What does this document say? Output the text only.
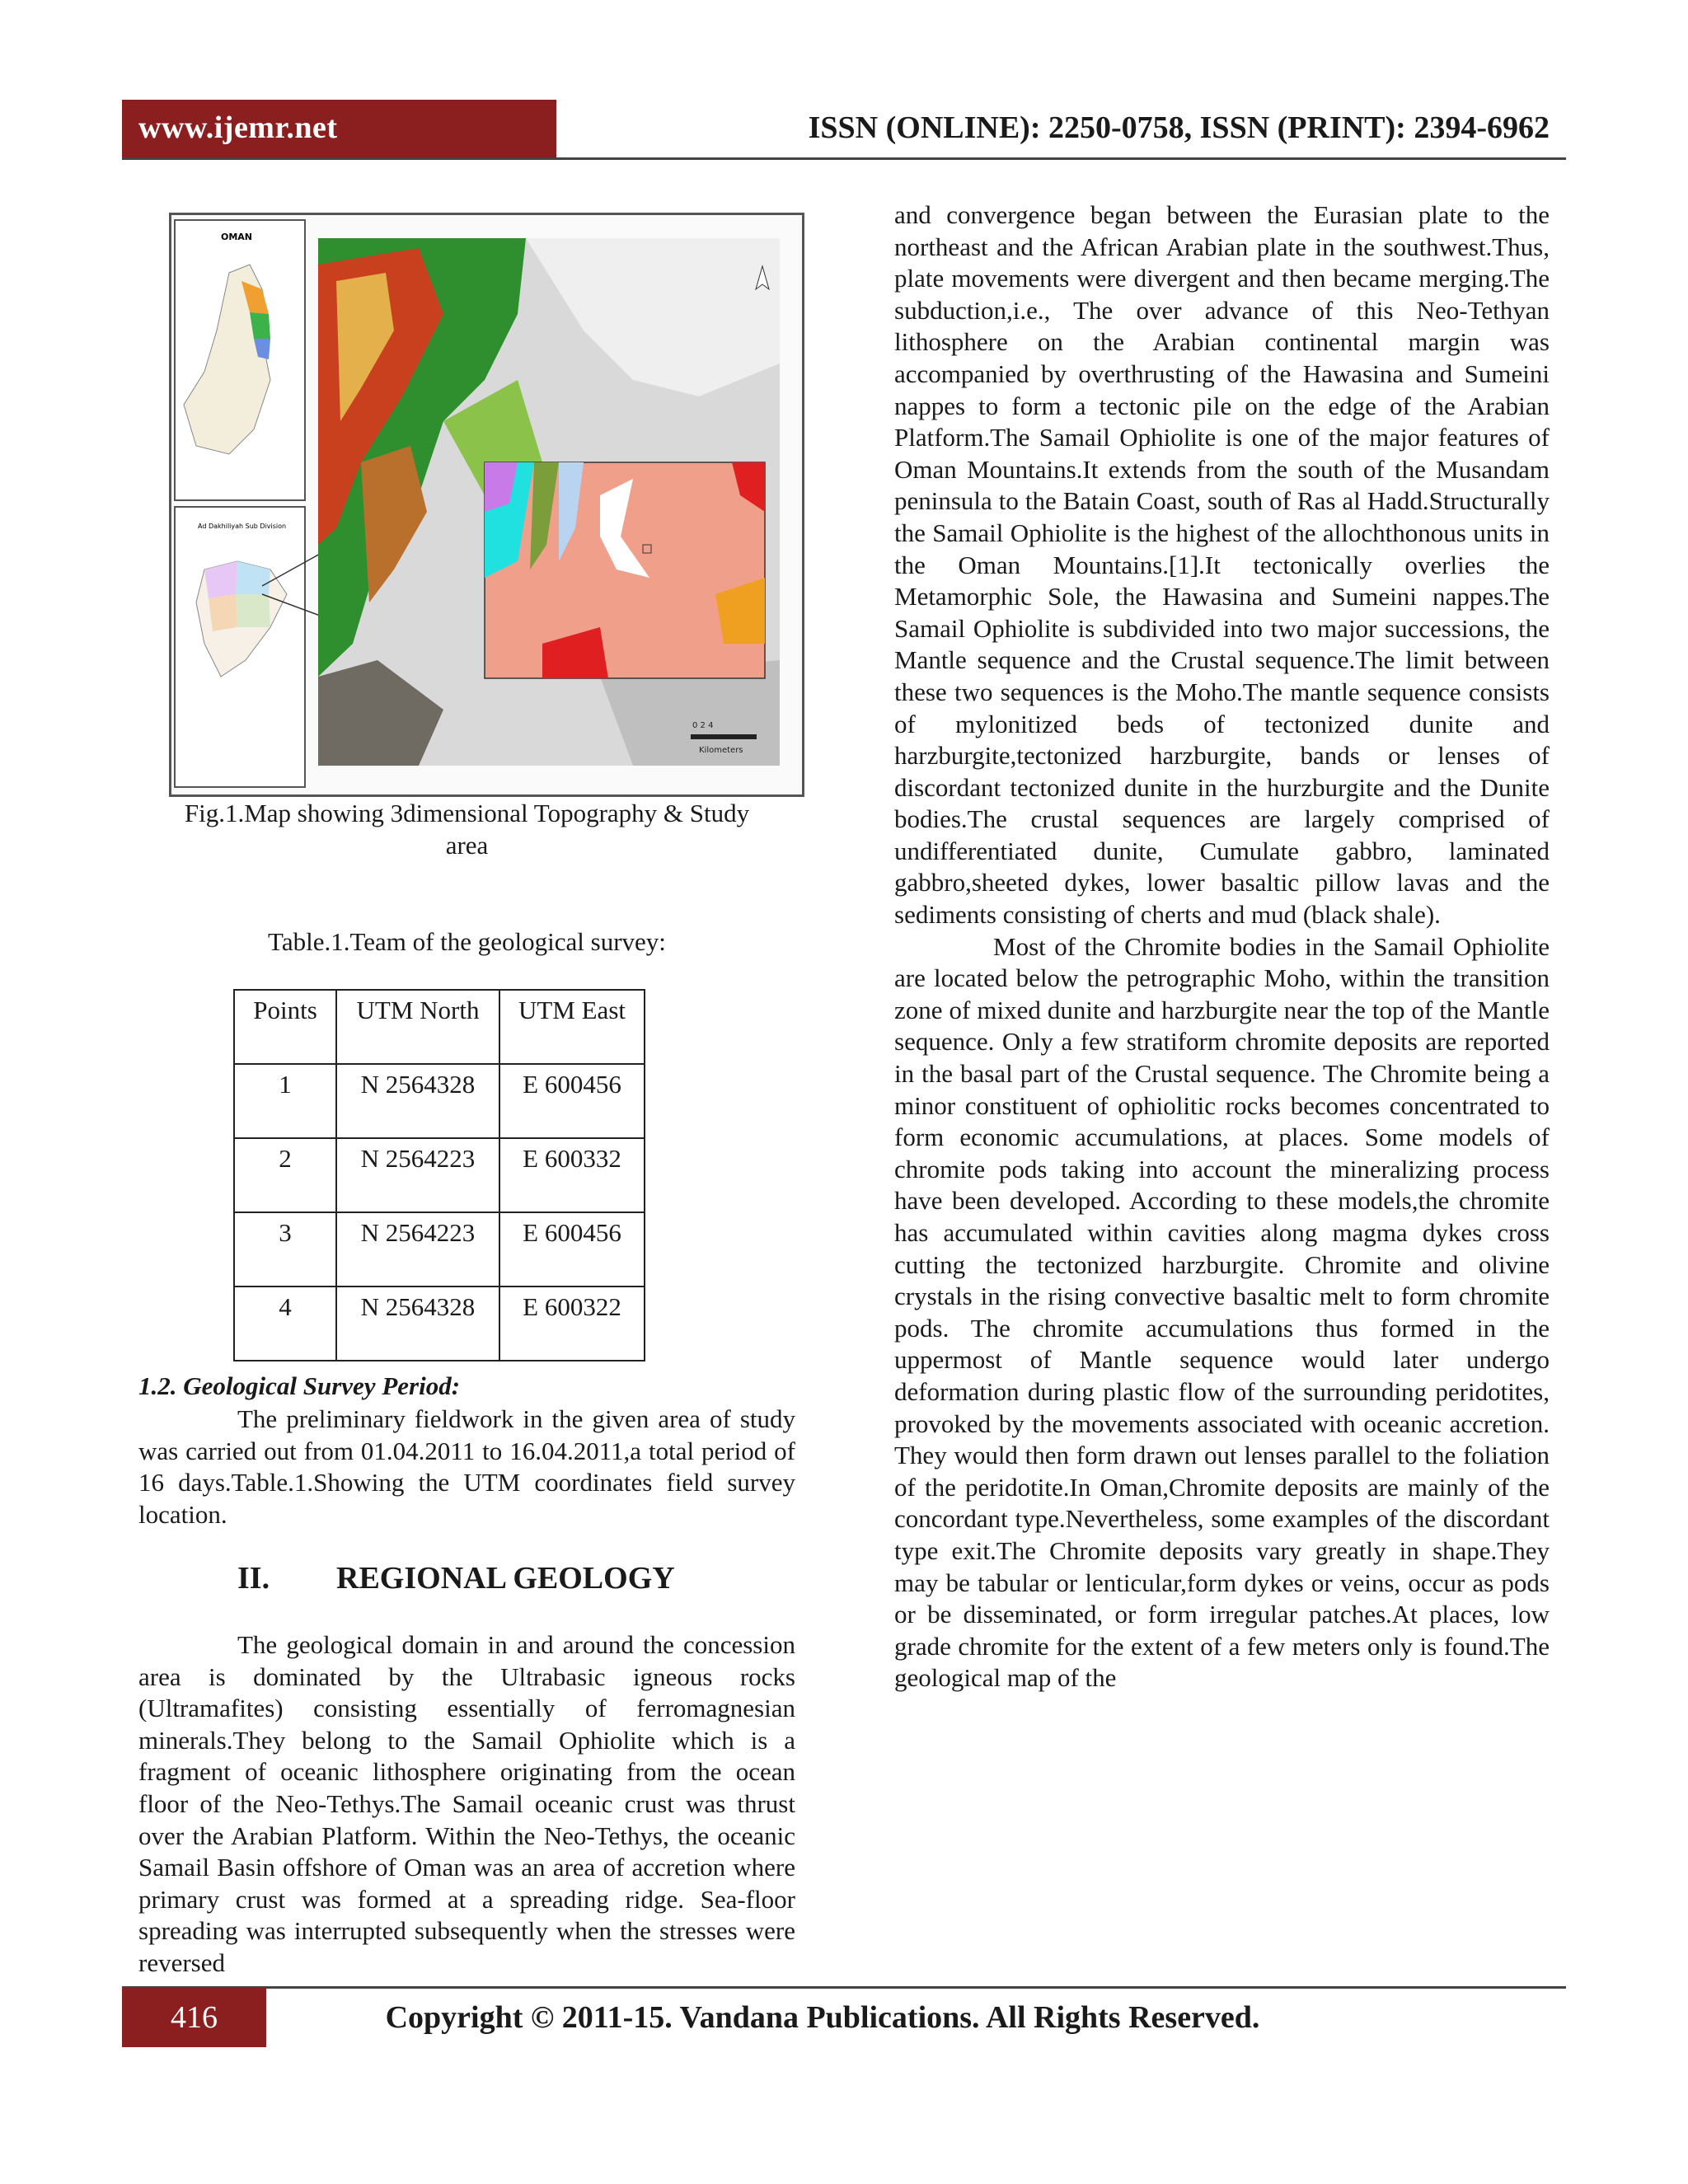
www.ijemr.net	ISSN (ONLINE): 2250-0758, ISSN (PRINT): 2394-6962
OMAN
Ad Dakhiliyah Sub Division
0 2 4
Kilometers
Fig.1.Map showing 3dimensional Topography & Study
area
Table.1.Team of the geological survey:
Points	UTM North	UTM East
1	N 2564328	E 600456
2	N 2564223	E 600332
3	N 2564223	E 600456
4	N 2564328	E 600322
1.2. Geological Survey Period:

The preliminary fieldwork in the given area of study was carried out from 01.04.2011 to 16.04.2011,a total period of 16 days.Table.1.Showing the UTM coordinates field survey location.

II. REGIONAL GEOLOGY

The geological domain in and around the concession area is dominated by the Ultrabasic igneous rocks (Ultramafites) consisting essentially of ferromagnesian minerals.They belong to the Samail Ophiolite which is a fragment of oceanic lithosphere originating from the ocean floor of the Neo-Tethys.The Samail oceanic crust was thrust over the Arabian Platform. Within the Neo-Tethys, the oceanic Samail Basin offshore of Oman was an area of accretion where primary crust was formed at a spreading ridge. Sea-floor spreading was interrupted subsequently when the stresses were reversed

and convergence began between the Eurasian plate to the northeast and the African Arabian plate in the southwest.Thus, plate movements were divergent and then became merging.The subduction,i.e., The over advance of this Neo-Tethyan lithosphere on the Arabian continental margin was accompanied by overthrusting of the Hawasina and Sumeini nappes to form a tectonic pile on the edge of the Arabian Platform.The Samail Ophiolite is one of the major features of Oman Mountains.It extends from the south of the Musandam peninsula to the Batain Coast, south of Ras al Hadd.Structurally the Samail Ophiolite is the highest of the allochthonous units in the Oman Mountains.[1].It tectonically overlies the Metamorphic Sole, the Hawasina and Sumeini nappes.The Samail Ophiolite is subdivided into two major successions, the Mantle sequence and the Crustal sequence.The limit between these two sequences is the Moho.The mantle sequence consists of mylonitized beds of tectonized dunite and harzburgite,tectonized harzburgite, bands or lenses of discordant tectonized dunite in the hurzburgite and the Dunite bodies.The crustal sequences are largely comprised of undifferentiated dunite, Cumulate gabbro, laminated gabbro,sheeted dykes, lower basaltic pillow lavas and the sediments consisting of cherts and mud (black shale).

Most of the Chromite bodies in the Samail Ophiolite are located below the petrographic Moho, within the transition zone of mixed dunite and harzburgite near the top of the Mantle sequence. Only a few stratiform chromite deposits are reported in the basal part of the Crustal sequence. The Chromite being a minor constituent of ophiolitic rocks becomes concentrated to form economic accumulations, at places. Some models of chromite pods taking into account the mineralizing process have been developed. According to these models,the chromite has accumulated within cavities along magma dykes cross cutting the tectonized harzburgite. Chromite and olivine crystals in the rising convective basaltic melt to form chromite pods. The chromite accumulations thus formed in the uppermost of Mantle sequence would later undergo deformation during plastic flow of the surrounding peridotites, provoked by the movements associated with oceanic accretion. They would then form drawn out lenses parallel to the foliation of the peridotite.In Oman,Chromite deposits are mainly of the concordant type.Nevertheless, some examples of the discordant type exit.The Chromite deposits vary greatly in shape.They may be tabular or lenticular,form dykes or veins, occur as pods or be disseminated, or form irregular patches.At places, low grade chromite for the extent of a few meters only is found.The geological map of the

416	Copyright © 2011-15. Vandana Publications. All Rights Reserved.
